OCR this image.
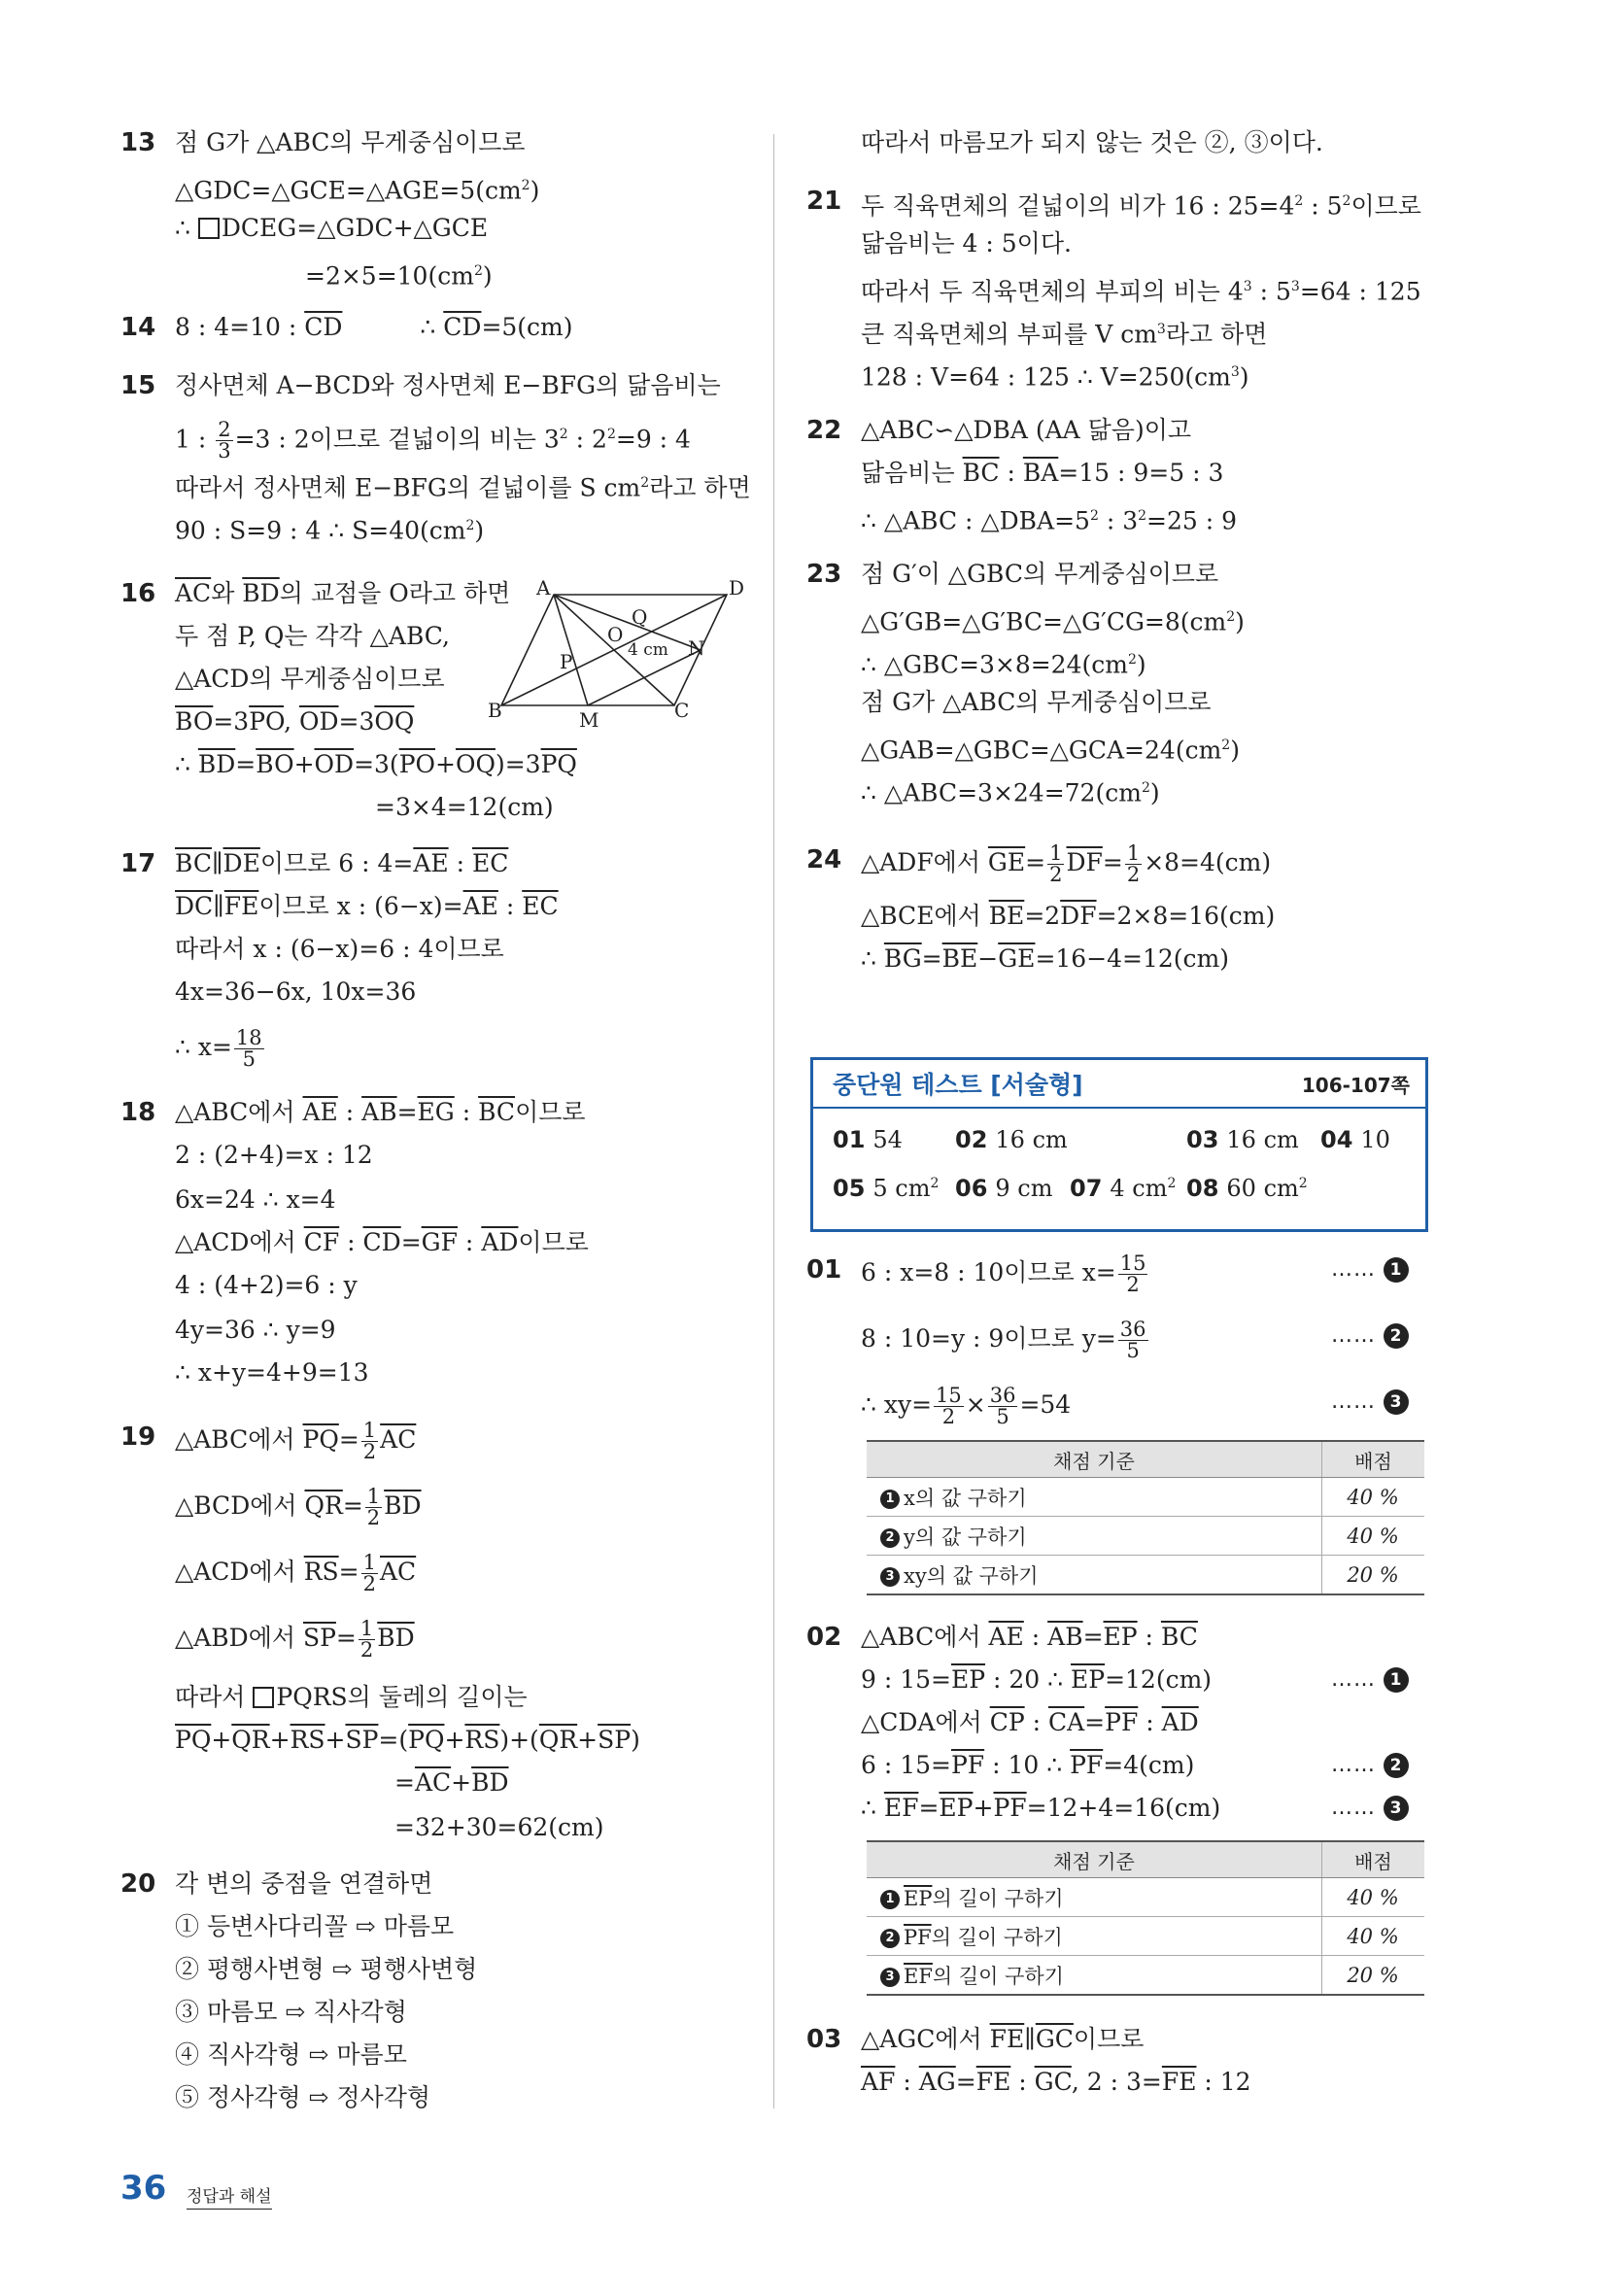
13 점 G가 △ABC의 무게중심이므로
$\triangle GDC=\triangle GCE=\triangle AGE=5(cm^2)$
∴ DCEG=△GDC+△GCE
$=2\times 5=10(cm^2)$
14 8 : 4=10 : $\overline{CD}$	∴ $\overline{CD}=5(cm)$
15 정사면체 A−BCD와 정사면체 E−BFG의 닮음비는
1 : $\frac{2}{3} =3$ : 2이므로 겉넓이의 비는 $3^2$ : $2^2=9$ : 4
따라서 정사면체 E−BFG의 겉넓이를 S $cm^2$라고 하면
90 : S=9 : 4 ∴ $S=40(cm^2)$
16 $\overline{AC}$와 $\overline{BD}$의 교점을 O라고 하면
두 점 P, Q는 각각 △ABC,
△ACD의 무게중심이므로
$\overline{BO}=3\overline{PO}$, $\overline{OD}=3\overline{OQ}$
∴ $\overline{BD}=\overline{BO}+\overline{OD}=3(\overline{PO}+\overline{OQ})=3\overline{PQ}$
=3×4=12(cm)
17 $\overline{BC}\parallel\overline{DE}$이므로 6 : $4=\overline{AE}$ : $\overline{EC}$
$\overline{DC}\parallel\overline{FE}$이므로 x : $(6-x)=\overline{AE}$ : $\overline{EC}$
따라서 x : (6−x)=6 : 4이므로
4x=36−6x, 10x=36
∴ $x= \frac{18}{5}$
18 △ABC에서 $\overline{AE}$ : $\overline{AB}=\overline{EG}$ : $\overline{BC}$이므로
2 : (2+4)=x : 12
6x=24 ∴ x=4
△ACD에서 $\overline{CF}$ : $\overline{CD}=\overline{GF}$ : $\overline{AD}$이므로
4 : (4+2)=6 : y
4y=36 ∴ y=9
∴ x+y=4+9=13
19 △ABC에서 $\overline{PQ}= \frac{1}{2} \overline{AC}$
△BCD에서 $\overline{QR}= \frac{1}{2} \overline{BD}$
△ACD에서 $\overline{RS}= \frac{1}{2} \overline{AC}$
△ABD에서 $\overline{SP}= \frac{1}{2} \overline{BD}$
따라서 PQRS의 둘레의 길이는
$\overline{PQ}+\overline{QR}+\overline{RS}+\overline{SP}=(\overline{PQ}+\overline{RS})+(\overline{QR}+\overline{SP})$
$=\overline{AC}+\overline{BD}$
=32+30=62(cm)
20 각 변의 중점을 연결하면
① 등변사다리꼴 ⇨ 마름모
② 평행사변형 ⇨ 평행사변형
③ 마름모 ⇨ 직사각형
④ 직사각형 ⇨ 마름모
⑤ 정사각형 ⇨ 정사각형
A	D
B	C
O
Q
P
M
N
4 cm
따라서 마름모가 되지 않는 것은 ②, ③이다.
21 두 직육면체의 겉넓이의 비가 16 : $25=4^2$ : $5^2$이므로
닮음비는 4 : 5이다.
따라서 두 직육면체의 부피의 비는 $4^3$ : $5^3=64$ : 125
큰 직육면체의 부피를 V $cm^3$라고 하면
128 : V=64 : 125 ∴ $V=250(cm^3)$
22 △ABC∽△DBA (AA 닮음)이고
닮음비는 $\overline{BC}$ : $\overline{BA}=15$ : 9=5 : 3
∴ △ABC : $\triangle DBA=5^2$ : $3^2=25$ : 9
23 점 G′이 △GBC의 무게중심이므로
$\triangle G'GB=\triangle G'BC=\triangle G'CG=8(cm^2)$
∴ $\triangle GBC=3\times 8=24(cm^2)$
점 G가 △ABC의 무게중심이므로
$\triangle GAB=\triangle GBC=\triangle GCA=24(cm^2)$
∴ $\triangle ABC=3\times 24=72(cm^2)$
24 △ADF에서 $\overline{GE}= \frac{1}{2} \overline{DF}= \frac{1}{2} \times 8=4(cm)$
△BCE에서 $\overline{BE}=2\overline{DF}=2\times 8=16(cm)$
∴ $\overline{BG}=\overline{BE}-\overline{GE}=16-4=12(cm)$
중단원 테스트 [서술형]	106-107쪽
01 54 02 16 cm	03 16 cm 04 10
05 5 $cm^2$ 06 9 cm 07 4 $cm^2$ 08 60 $cm^2$
01 6 : x=8 : 10이므로 $x= \frac{15}{2}$	…… 1
8 : 10=y : 9이므로 $y= \frac{36}{5}$	…… 2
∴ $xy= \frac{15}{2} \times \frac{36}{5} =54$	…… 3
채점 기준	배점
1 x의 값 구하기	40 %
2 y의 값 구하기	40 %
3 xy의 값 구하기	20 %
02 △ABC에서 $\overline{AE}$ : $\overline{AB}=\overline{EP}$ : $\overline{BC}$
9 : $15=\overline{EP}$ : 20 ∴ $\overline{EP}=12(cm)$	…… 1
△CDA에서 $\overline{CP}$ : $\overline{CA}=\overline{PF}$ : $\overline{AD}$
6 : $15=\overline{PF}$ : 10 ∴ $\overline{PF}=4(cm)$	…… 2
∴ $\overline{EF}=\overline{EP}+\overline{PF}=12+4=16(cm)$	…… 3
채점 기준	배점
1 $\overline{EP}$의 길이 구하기	40 %
2 $\overline{PF}$의 길이 구하기	40 %
3 $\overline{EF}$의 길이 구하기	20 %
03 △AGC에서 $\overline{FE}\parallel\overline{GC}$이므로
$\overline{AF}$ : $\overline{AG}=\overline{FE}$ : $\overline{GC}$, 2 : $3=\overline{FE}$ : 12
36 정답과 해설
